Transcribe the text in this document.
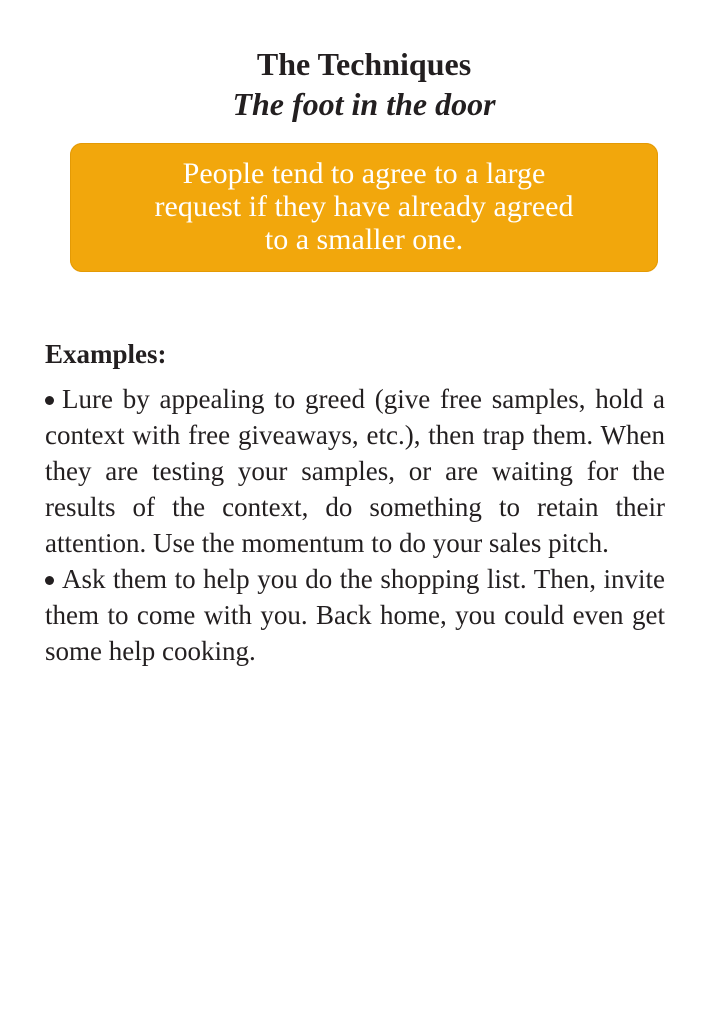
The Techniques
The foot in the door
People tend to agree to a large
request if they have already agreed
to a smaller one.
Examples:

Lure by appealing to greed (give free samples, hold a context with free giveaways, etc.), then trap them. When they are testing your samples, or are waiting for the results of the context, do something to retain their attention. Use the momentum to do your sales pitch.

Ask them to help you do the shopping list. Then, invite them to come with you. Back home, you could even get some help cooking.
